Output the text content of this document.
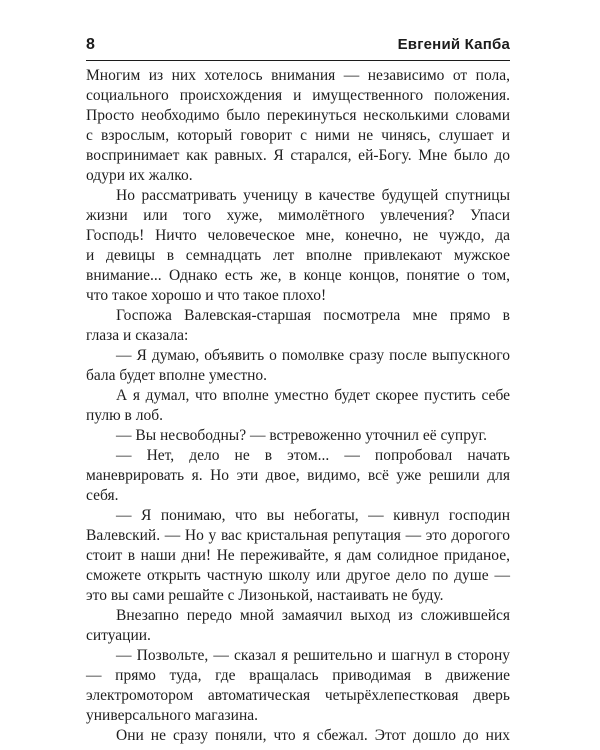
8	Евгений Капба

Многим из них хотелось внимания — независимо от пола,
социального происхождения и имущественного положения.
Просто необходимо было перекинуться несколькими словами
с взрослым, который говорит с ними не чинясь, слушает и
воспринимает как равных. Я старался, ей-Богу. Мне было до
одури их жалко.

Но рассматривать ученицу в качестве будущей спутницы
жизни или того хуже, мимолётного увлечения? Упаси
Господь! Ничто человеческое мне, конечно, не чуждо, да
и девицы в семнадцать лет вполне привлекают мужское
внимание... Однако есть же, в конце концов, понятие о том,
что такое хорошо и что такое плохо!

Госпожа Валевская-старшая посмотрела мне прямо в
глаза и сказала:

— Я думаю, объявить о помолвке сразу после выпускного
бала будет вполне уместно.

А я думал, что вполне уместно будет скорее пустить себе
пулю в лоб.

— Вы несвободны? — встревоженно уточнил её супруг.

— Нет, дело не в этом... — попробовал начать
маневрировать я. Но эти двое, видимо, всё уже решили для
себя.

— Я понимаю, что вы небогаты, — кивнул господин
Валевский. — Но у вас кристальная репутация — это дорогого
стоит в наши дни! Не переживайте, я дам солидное приданое,
сможете открыть частную школу или другое дело по душе —
это вы сами решайте с Лизонькой, настаивать не буду.

Внезапно передо мной замаячил выход из сложившейся
ситуации.

— Позвольте, — сказал я решительно и шагнул в сторону
— прямо туда, где вращалась приводимая в движение
электромотором автоматическая четырёхлепестковая дверь
универсального магазина.

Они не сразу поняли, что я сбежал. Этот дошло до них
